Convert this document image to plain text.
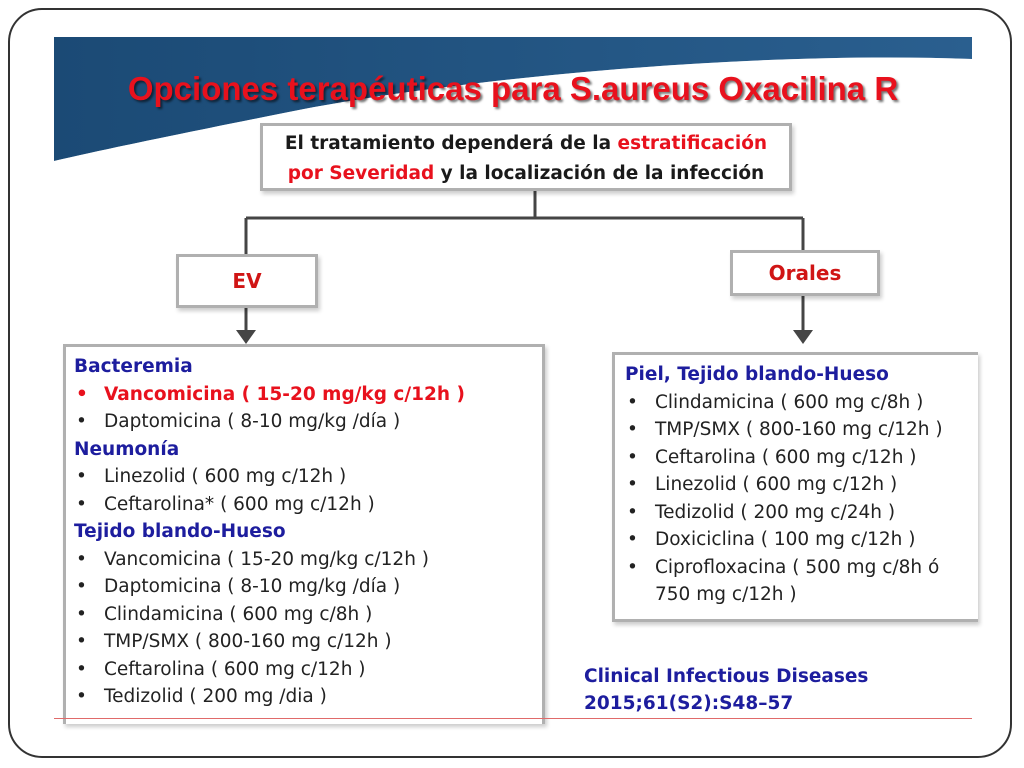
Opciones terapéuticas para S.aureus Oxacilina R
El tratamiento dependerá de la estratificación
por Severidad y la localización de la infección
EV	Orales

Bacteremia

• Vancomicina ( 15-20 mg/kg c/12h )
• Daptomicina ( 8-10 mg/kg /día )

Neumonía

• Linezolid ( 600 mg c/12h )
• Ceftarolina* ( 600 mg c/12h )

Tejido blando-Hueso

• Vancomicina ( 15-20 mg/kg c/12h )
• Daptomicina ( 8-10 mg/kg /día )
• Clindamicina ( 600 mg c/8h )
• TMP/SMX ( 800-160 mg c/12h )
• Ceftarolina ( 600 mg c/12h )
• Tedizolid ( 200 mg /dia )

Piel, Tejido blando-Hueso

• Clindamicina ( 600 mg c/8h )
• TMP/SMX ( 800-160 mg c/12h )
• Ceftarolina ( 600 mg c/12h )
• Linezolid ( 600 mg c/12h )
• Tedizolid ( 200 mg c/24h )
• Doxiciclina ( 100 mg c/12h )
• Ciprofloxacina ( 500 mg c/8h ó
750 mg c/12h )
Clinical Infectious Diseases
2015;61(S2):S48–57
